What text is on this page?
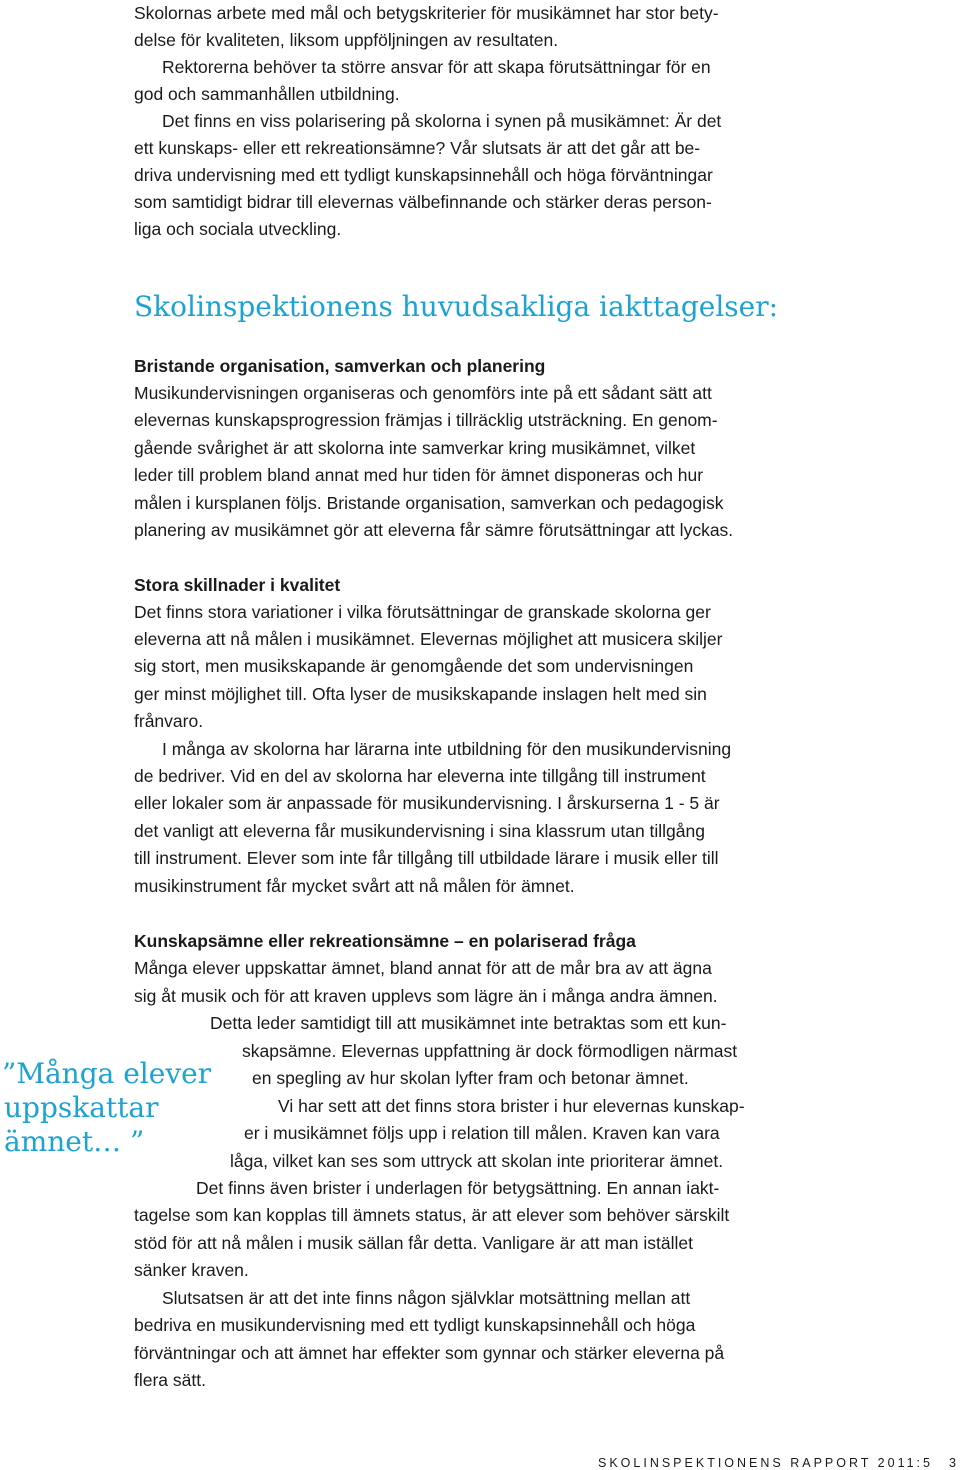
Skolornas arbete med mål och betygskriterier för musikämnet har stor bety-
delse för kvaliteten, liksom uppföljningen av resultaten.
Rektorerna behöver ta större ansvar för att skapa förutsättningar för en
god och sammanhållen utbildning.
Det finns en viss polarisering på skolorna i synen på musikämnet: Är det
ett kunskaps- eller ett rekreationsämne? Vår slutsats är att det går att be-
driva undervisning med ett tydligt kunskapsinnehåll och höga förväntningar
som samtidigt bidrar till elevernas välbefinnande och stärker deras person-
liga och sociala utveckling.
Skolinspektionens huvudsakliga iakttagelser:
Bristande organisation, samverkan och planering
Musikundervisningen organiseras och genomförs inte på ett sådant sätt att
elevernas kunskapsprogression främjas i tillräcklig utsträckning. En genom-
gående svårighet är att skolorna inte samverkar kring musikämnet, vilket
leder till problem bland annat med hur tiden för ämnet disponeras och hur
målen i kursplanen följs. Bristande organisation, samverkan och pedagogisk
planering av musikämnet gör att eleverna får sämre förutsättningar att lyckas.
Stora skillnader i kvalitet
Det finns stora variationer i vilka förutsättningar de granskade skolorna ger
eleverna att nå målen i musikämnet. Elevernas möjlighet att musicera skiljer
sig stort, men musikskapande är genomgående det som undervisningen
ger minst möjlighet till. Ofta lyser de musikskapande inslagen helt med sin
frånvaro.
I många av skolorna har lärarna inte utbildning för den musikundervisning
de bedriver. Vid en del av skolorna har eleverna inte tillgång till instrument
eller lokaler som är anpassade för musikundervisning. I årskurserna 1 - 5 är
det vanligt att eleverna får musikundervisning i sina klassrum utan tillgång
till instrument. Elever som inte får tillgång till utbildade lärare i musik eller till
musikinstrument får mycket svårt att nå målen för ämnet.
Kunskapsämne eller rekreationsämne – en polariserad fråga
Många elever uppskattar ämnet, bland annat för att de mår bra av att ägna
sig åt musik och för att kraven upplevs som lägre än i många andra ämnen.
Detta leder samtidigt till att musikämnet inte betraktas som ett kun-
skapsämne. Elevernas uppfattning är dock förmodligen närmast
en spegling av hur skolan lyfter fram och betonar ämnet.
Vi har sett att det finns stora brister i hur elevernas kunskap-
er i musikämnet följs upp i relation till målen. Kraven kan vara
låga, vilket kan ses som uttryck att skolan inte prioriterar ämnet.
Det finns även brister i underlagen för betygsättning. En annan iakt-
tagelse som kan kopplas till ämnets status, är att elever som behöver särskilt
stöd för att nå målen i musik sällan får detta. Vanligare är att man istället
sänker kraven.
Slutsatsen är att det inte finns någon självklar motsättning mellan att
bedriva en musikundervisning med ett tydligt kunskapsinnehåll och höga
förväntningar och att ämnet har effekter som gynnar och stärker eleverna på
flera sätt.
”Många elever
uppskattar
ämnet… ”
SKOLINSPEKTIONENS RAPPORT 2011:5 3
